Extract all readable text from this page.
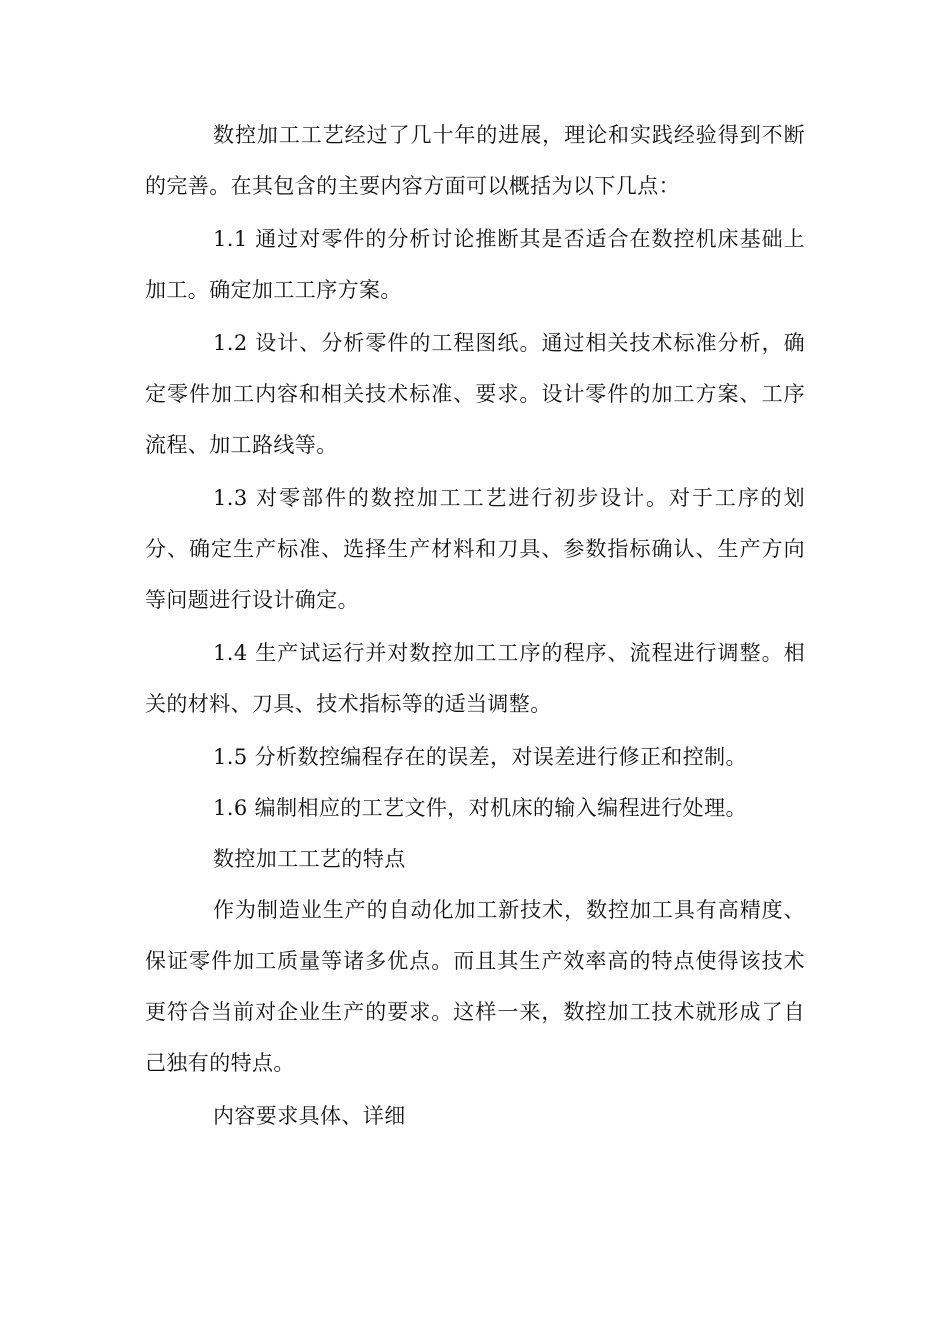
数控加工工艺经过了几十年的进展，理论和实践经验得到不断的完善。在其包含的主要内容方面可以概括为以下几点：

1.1 通过对零件的分析讨论推断其是否适合在数控机床基础上加工。确定加工工序方案。

1.2 设计、分析零件的工程图纸。通过相关技术标准分析，确定零件加工内容和相关技术标准、要求。设计零件的加工方案、工序流程、加工路线等。

1.3 对零部件的数控加工工艺进行初步设计。对于工序的划分、确定生产标准、选择生产材料和刀具、参数指标确认、生产方向等问题进行设计确定。

1.4 生产试运行并对数控加工工序的程序、流程进行调整。相关的材料、刀具、技术指标等的适当调整。

1.5 分析数控编程存在的误差，对误差进行修正和控制。

1.6 编制相应的工艺文件，对机床的输入编程进行处理。

数控加工工艺的特点

作为制造业生产的自动化加工新技术，数控加工具有高精度、保证零件加工质量等诸多优点。而且其生产效率高的特点使得该技术更符合当前对企业生产的要求。这样一来，数控加工技术就形成了自己独有的特点。

内容要求具体、详细
